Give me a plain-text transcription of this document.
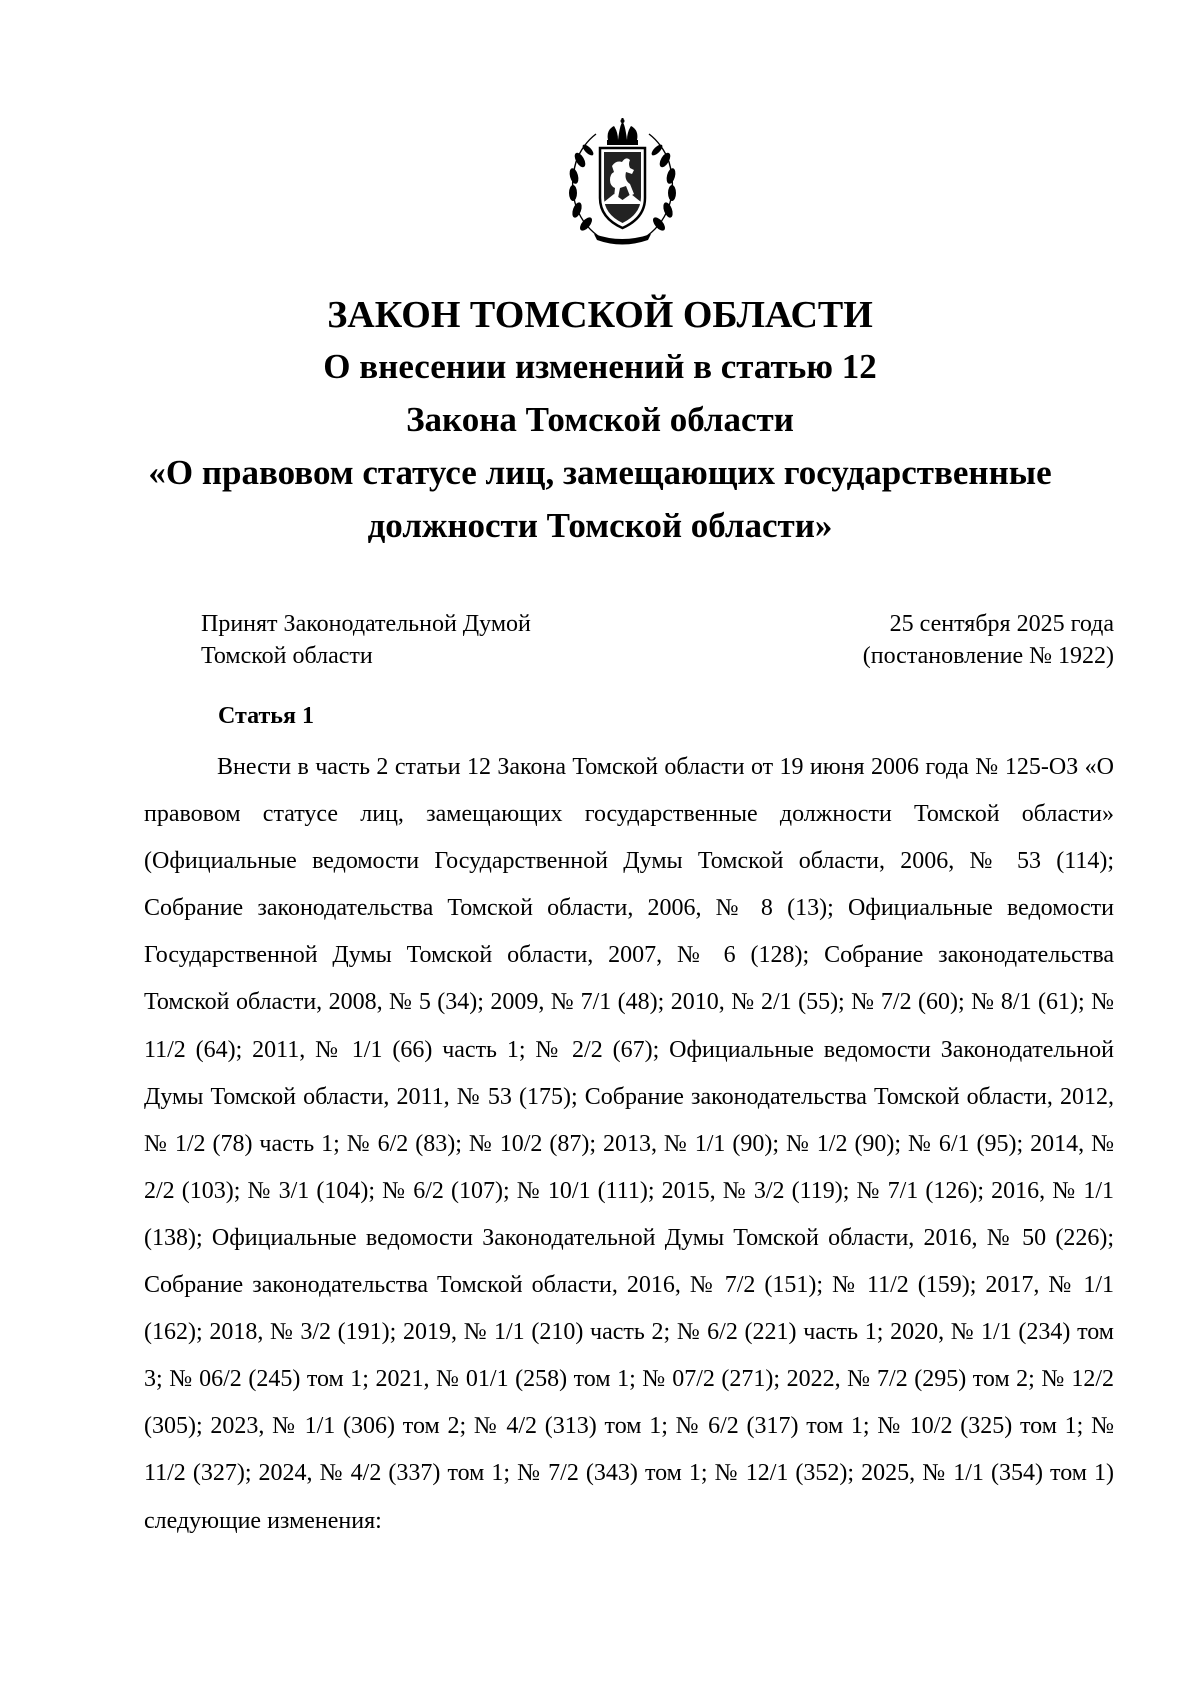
ЗАКОН ТОМСКОЙ ОБЛАСТИ

О внесении изменений в статью 12

Закона Томской области

«О правовом статусе лиц, замещающих государственные

должности Томской области»

Принят Законодательной Думой
Томской области
25 сентября 2025 года
(постановление № 1922)
Статья 1
Внести в часть 2 статьи 12 Закона Томской области от 19 июня 2006 года № 125-ОЗ «О правовом статусе лиц, замещающих государственные должности Томской области» (Официальные ведомости Государственной Думы Томской области, 2006, № 53 (114); Собрание законодательства Томской области, 2006, № 8 (13); Официальные ведомости Государственной Думы Томской области, 2007, № 6 (128); Собрание законодательства Томской области, 2008, № 5 (34); 2009, № 7/1 (48); 2010, № 2/1 (55); № 7/2 (60); № 8/1 (61); № 11/2 (64); 2011, № 1/1 (66) часть 1; № 2/2 (67); Официальные ведомости Законодательной Думы Томской области, 2011, № 53 (175); Собрание законодательства Томской области, 2012, № 1/2 (78) часть 1; № 6/2 (83); № 10/2 (87); 2013, № 1/1 (90); № 1/2 (90); № 6/1 (95); 2014, № 2/2 (103); № 3/1 (104); № 6/2 (107); № 10/1 (111); 2015, № 3/2 (119); № 7/1 (126); 2016, № 1/1 (138); Официальные ведомости Законодательной Думы Томской области, 2016, № 50 (226); Собрание законодательства Томской области, 2016, № 7/2 (151); № 11/2 (159); 2017, № 1/1 (162); 2018, № 3/2 (191); 2019, № 1/1 (210) часть 2; № 6/2 (221) часть 1; 2020, № 1/1 (234) том 3; № 06/2 (245) том 1; 2021, № 01/1 (258) том 1; № 07/2 (271); 2022, № 7/2 (295) том 2; № 12/2 (305); 2023, № 1/1 (306) том 2; № 4/2 (313) том 1; № 6/2 (317) том 1; № 10/2 (325) том 1; № 11/2 (327); 2024, № 4/2 (337) том 1; № 7/2 (343) том 1; № 12/1 (352); 2025, № 1/1 (354) том 1) следующие изменения:
